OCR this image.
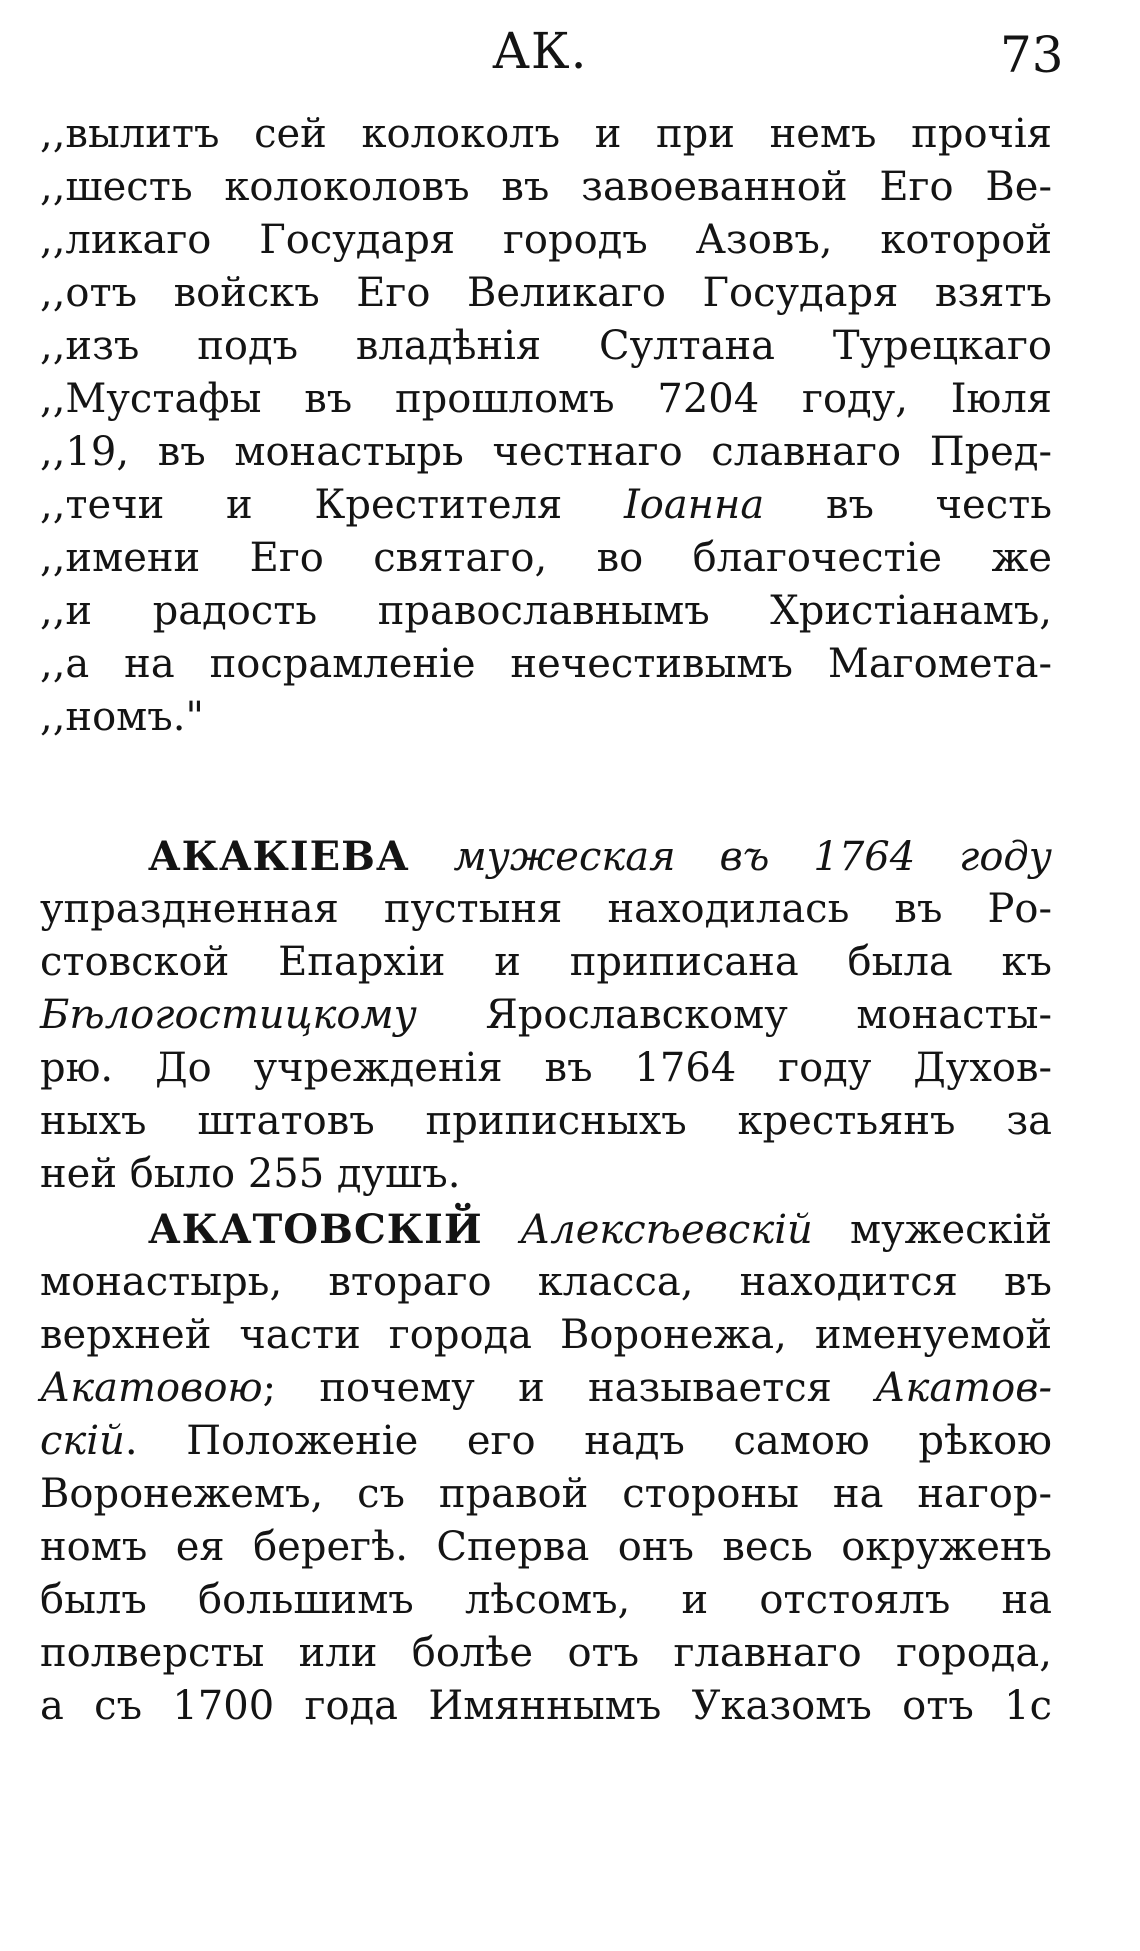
АК.	73
,,вылитъ сей колоколъ и при немъ прочія
,,шесть колоколовъ въ завоеванной Его Ве-
,,ликаго Государя городъ Азовъ, которой
,,отъ войскъ Его Великаго Государя взятъ
,,изъ подъ владѣнія Султана Турецкаго
,,Мустафы въ прошломъ 7204 году, Іюля
,,19, въ монастырь честнаго славнаго Пред-
,,течи и Крестителя Іоанна въ честь
,,имени Его святаго, во благочестіе же
,,и радость православнымъ Христіанамъ,
,,а на посрамленіе нечестивымъ Магомета-
,,номъ."
АКАКІЕВА мужеская въ 1764 году
упраздненная пустыня находилась въ Ро-
стовской Епархіи и приписана была къ
Бѣлогостицкому Ярославскому монасты-
рю. До учрежденія въ 1764 году Духов-
ныхъ штатовъ приписныхъ крестьянъ за
ней было 255 душъ.
АКАТОВСКІЙ Алексѣевскій мужескій
монастырь, втораго класса, находится въ
верхней части города Воронежа, именуемой
Акатовою; почему и называется Акатов-
скій. Положеніе его надъ самою рѣкою
Воронежемъ, съ правой стороны на нагор-
номъ ея берегѣ. Сперва онъ весь окруженъ
былъ большимъ лѣсомъ, и отстоялъ на
полверсты или болѣе отъ главнаго города,
а съ 1700 года Имяннымъ Указомъ отъ 1с
